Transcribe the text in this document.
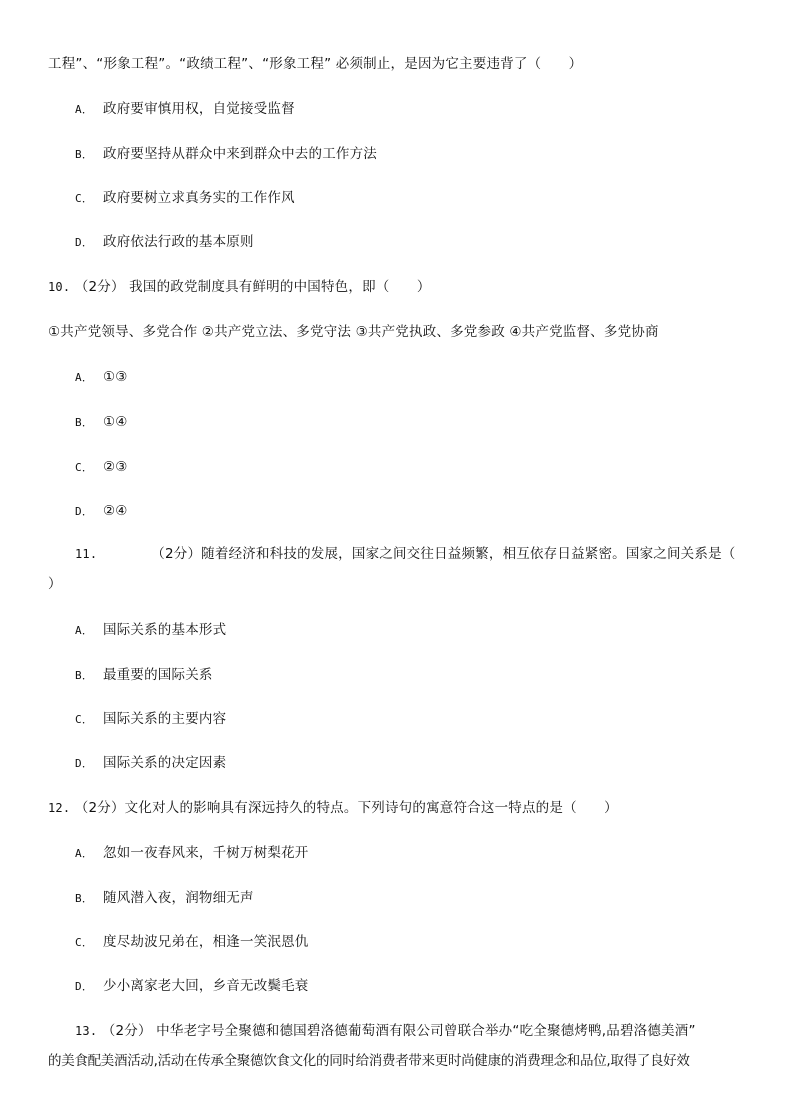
工程”、“形象工程”。“政绩工程”、“形象工程” 必须制止，是因为它主要违背了（　　）
A． 政府要审慎用权，自觉接受监督
B． 政府要坚持从群众中来到群众中去的工作方法
C． 政府要树立求真务实的工作作风
D． 政府依法行政的基本原则
10. （2分） 我国的政党制度具有鲜明的中国特色，即（　　）
①共产党领导、多党合作 ②共产党立法、多党守法 ③共产党执政、多党参政 ④共产党监督、多党协商
A． ①③
B． ①④
C． ②③
D． ②④
11.	（2分）随着经济和科技的发展，国家之间交往日益频繁，相互依存日益紧密。国家之间关系是（
）
A． 国际关系的基本形式
B． 最重要的国际关系
C． 国际关系的主要内容
D． 国际关系的决定因素
12. （2分）文化对人的影响具有深远持久的特点。下列诗句的寓意符合这一特点的是（　　）
A． 忽如一夜春风来，千树万树梨花开
B． 随风潜入夜，润物细无声
C． 度尽劫波兄弟在，相逢一笑泯恩仇
D． 少小离家老大回，乡音无改鬓毛衰
13. （2分） 中华老字号全聚德和德国碧洛德葡萄酒有限公司曾联合举办“吃全聚德烤鸭,品碧洛德美酒”
的美食配美酒活动,活动在传承全聚德饮食文化的同时给消费者带来更时尚健康的消费理念和品位,取得了良好效
